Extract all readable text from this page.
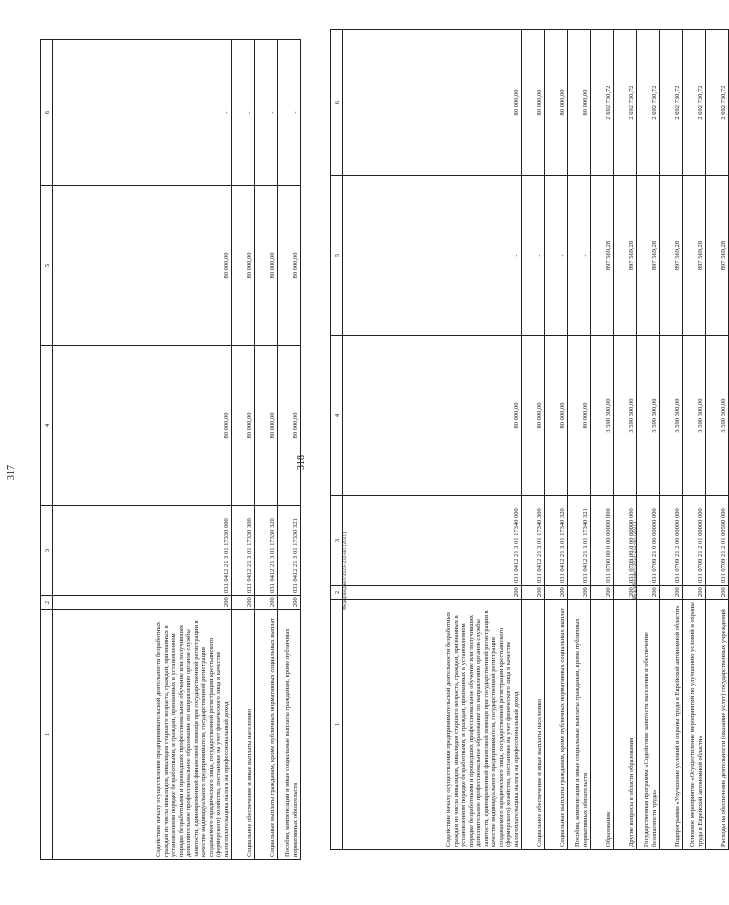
317
1	2	3	4	5	6
Содействие началу осуществления предпринимательской деятельности безработных граждан из числа инвалидов, инвалидов старшего возраста, граждан, признанных в установленном порядке безработными, и граждан, признанных в установленном порядке безработными и прошедших профессиональное обучение или получивших дополнительное профессиональное образование по направлению органов службы занятости, единовременной финансовой помощи при государственной регистрации в качестве индивидуального предпринимателя, государственной регистрации создаваемого юридического лица, государственной регистрации крестьянского (фермерского) хозяйства, постановке на учет физического лица в качестве налогоплательщика налога на профессиональный доход	200	031 0412 21 3 01 17330 000	80 000,00	80 000,00	-
Социальное обеспечение и иные выплаты населению	200	031 0412 21 3 01 17330 300	80 000,00	80 000,00	-
Социальные выплаты гражданам, кроме публичных нормативных социальных выплат	200	031 0412 21 3 01 17330 320	80 000,00	80 000,00	-
Пособия, компенсации и иные социальные выплаты гражданам, кроме публичных нормативных обязательств	200	031 0412 21 3 01 17330 321	80 000,00	80 000,00	-
Федорбюджет/2023-232-нп (2021)
318
1	2	3	4	5	6
Содействие началу осуществления предпринимательской деятельности безработных граждан из числа инвалидов, инвалидов старшего возраста, граждан, признанных в установленном порядке безработными, и граждан, признанных в установленном порядке безработными и прошедших профессиональное обучение или получивших дополнительное профессиональное образование по направлению органов службы занятости, единовременной финансовой помощи при государственной регистрации в качестве индивидуального предпринимателя, государственной регистрации создаваемого юридического лица, государственной регистрации крестьянского (фермерского) хозяйства, постановке на учет физического лица в качестве налогоплательщика налога на профессиональный доход	200	031 0412 21 3 01 17340 000	80 000,00	-	80 000,00
Социальное обеспечение и иные выплаты населению	200	031 0412 21 3 01 17340 300	80 000,00	-	80 000,00
Социальные выплаты гражданам, кроме публичных нормативных социальных выплат	200	031 0412 21 3 01 17340 320	80 000,00	-	80 000,00
Пособия, компенсации и иные социальные выплаты гражданам, кроме публичных нормативных обязательств	200	031 0412 21 3 01 17340 321	80 000,00	-	80 000,00
Образование	200	031 0700 00 0 00 00000 000	3 590 300,00	897 569,28	2 692 730,72
Другие вопросы в области образования	200	031 0709 00 0 00 00000 000	3 590 300,00	897 569,28	2 692 730,72
Государственная программа «Содействие занятости населения и обеспечение безопасности труда»	200	031 0709 21 0 00 00000 000	3 590 300,00	897 569,28	2 692 730,72
Подпрограмма «Улучшение условий и охраны труда в Еврейской автономной области»	200	031 0709 21 2 00 00000 000	3 590 300,00	897 569,28	2 692 730,72
Основное мероприятие «Осуществление мероприятий по улучшению условий и охраны труда в Еврейской автономной области»	200	031 0709 21 2 01 00000 000	3 590 300,00	897 569,28	2 692 730,72
Расходы на обеспечение деятельности (оказание услуг) государственных учреждений	200	031 0709 21 2 01 00590 000	3 590 300,00	897 569,28	2 692 730,72
Федорбюджет/2023-232-нп (2021)
